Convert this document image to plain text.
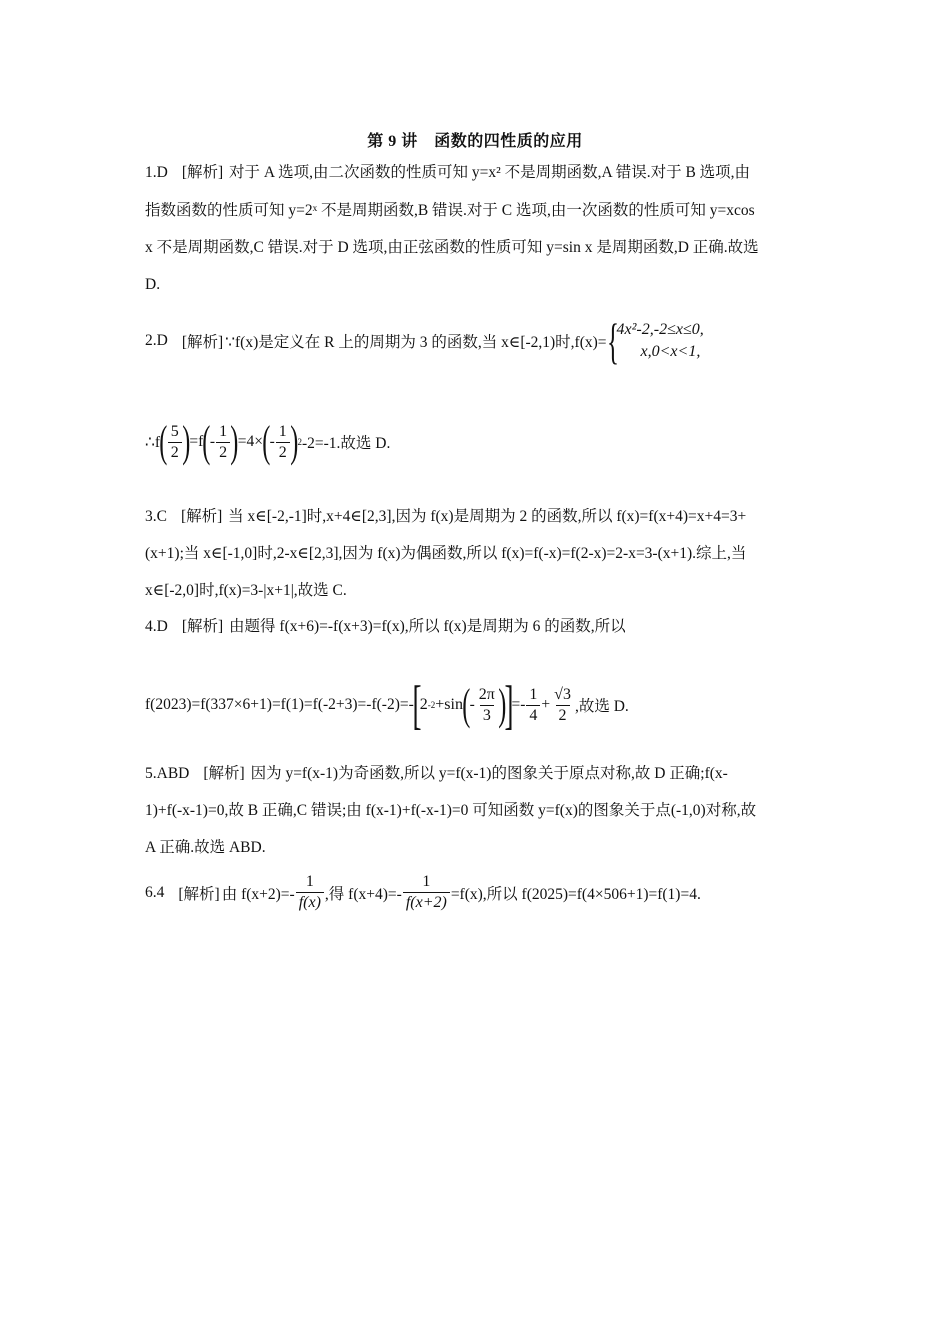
第 9 讲　函数的四性质的应用
1.D [解析] 对于 A 选项,由二次函数的性质可知 y=x² 不是周期函数,A 错误.对于 B 选项,由
指数函数的性质可知 y=2ˣ 不是周期函数,B 错误.对于 C 选项,由一次函数的性质可知 y=xcos
x 不是周期函数,C 错误.对于 D 选项,由正弦函数的性质可知 y=sin x 是周期函数,D 正确.故选
D.
2.D [解析] ∵f(x)是定义在 R 上的周期为 3 的函数,当 x∈[-2,1)时,f(x)= {
4x²-2,-2≤x≤0,
x,0<x<1,
∴f ( $\frac{5}{2}$ ) =f ( - $\frac{1}{2}$ ) =4× ( - $\frac{1}{2}$ ) 2 -2=-1.故选 D.
3.C [解析] 当 x∈[-2,-1]时,x+4∈[2,3],因为 f(x)是周期为 2 的函数,所以 f(x)=f(x+4)=x+4=3+
(x+1);当 x∈[-1,0]时,2-x∈[2,3],因为 f(x)为偶函数,所以 f(x)=f(-x)=f(2-x)=2-x=3-(x+1).综上,当
x∈[-2,0]时,f(x)=3-|x+1|,故选 C.
4.D [解析] 由题得 f(x+6)=-f(x+3)=f(x),所以 f(x)是周期为 6 的函数,所以
f(2023)=f(337×6+1)=f(1)=f(-2+3)=-f(-2)=-
[
2 -2 +sin ( - $\frac{2\pi}{3}$ )
]
=- $\frac{1}{4} + \frac{√3}{2}$ ,故选 D.
5.ABD [解析] 因为 y=f(x-1)为奇函数,所以 y=f(x-1)的图象关于原点对称,故 D 正确;f(x-
1)+f(-x-1)=0,故 B 正确,C 错误;由 f(x-1)+f(-x-1)=0 可知函数 y=f(x)的图象关于点(-1,0)对称,故
A 正确.故选 ABD.
6.4 [解析] 由 $f(x+2)=- \frac{1}{f(x)}$ ,得 $f(x+4)=- \frac{1}{f(x+2)} =f(x)$,所以 f(2025)=f(4×506+1)=f(1)=4.
